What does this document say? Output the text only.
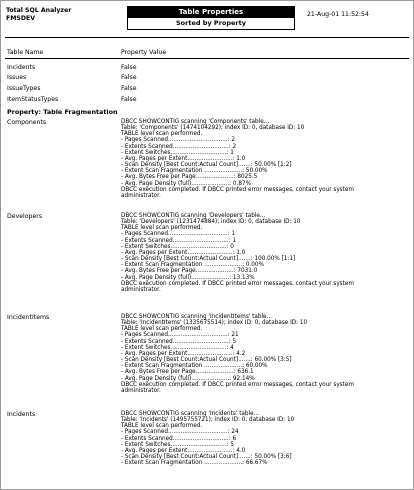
Total SQL Analyzer
FMSDEV
Table Properties
Sorted by Property
21-Aug-01 11:52:54
Table Name	Property Value
Incidents	False
Issues	False
IssueTypes	False
ItemStatusTypes	False
Property: Table Fragmentation
Components	DBCC SHOWCONTIG scanning 'Components' table...
Table: 'Components' (1474104292); index ID: 0, database ID: 10
TABLE level scan performed.
- Pages Scanned.................................: 2
- Extents Scanned...............................: 2
- Extent Switches...............................: 1
- Avg. Pages per Extent.........................: 1.0
- Scan Density [Best Count:Actual Count].......: 50.00% [1:2]
- Extent Scan Fragmentation .....................: 50.00%
- Avg. Bytes Free per Page.....................: 8025.5
- Avg. Page Density (full).....................: 0.87%
DBCC execution completed. If DBCC printed error messages, contact your system
administrator.
Developers	DBCC SHOWCONTIG scanning 'Developers' table...
Table: 'Developers' (1231474884); index ID: 0, database ID: 10
TABLE level scan performed.
- Pages Scanned.................................: 1
- Extents Scanned...............................: 1
- Extent Switches...............................: 0
- Avg. Pages per Extent.........................: 1.0
- Scan Density [Best Count:Actual Count].......: 100.00% [1:1]
- Extent Scan Fragmentation .....................: 0.00%
- Avg. Bytes Free per Page.....................: 7031.0
- Avg. Page Density (full).....................: 13.13%
DBCC execution completed. If DBCC printed error messages, contact your system
administrator.
IncidentItems	DBCC SHOWCONTIG scanning 'IncidentItems' table...
Table: 'IncidentItems' (1335675514); index ID: 0, database ID: 10
TABLE level scan performed.
- Pages Scanned.................................: 21
- Extents Scanned...............................: 5
- Extent Switches...............................: 4
- Avg. Pages per Extent.........................: 4.2
- Scan Density [Best Count:Actual Count].......: 60.00% [3:5]
- Extent Scan Fragmentation .....................: 60.00%
- Avg. Bytes Free per Page.....................: 636.1
- Avg. Page Density (full).....................: 92.14%
DBCC execution completed. If DBCC printed error messages, contact your system
administrator.
Incidents	DBCC SHOWCONTIG scanning 'Incidents' table...
Table: 'Incidents' (1495755721); index ID: 0, database ID: 10
TABLE level scan performed.
- Pages Scanned.................................: 24
- Extents Scanned...............................: 6
- Extent Switches...............................: 5
- Avg. Pages per Extent.........................: 4.0
- Scan Density [Best Count:Actual Count].......: 50.00% [3:6]
- Extent Scan Fragmentation .....................: 66.67%
